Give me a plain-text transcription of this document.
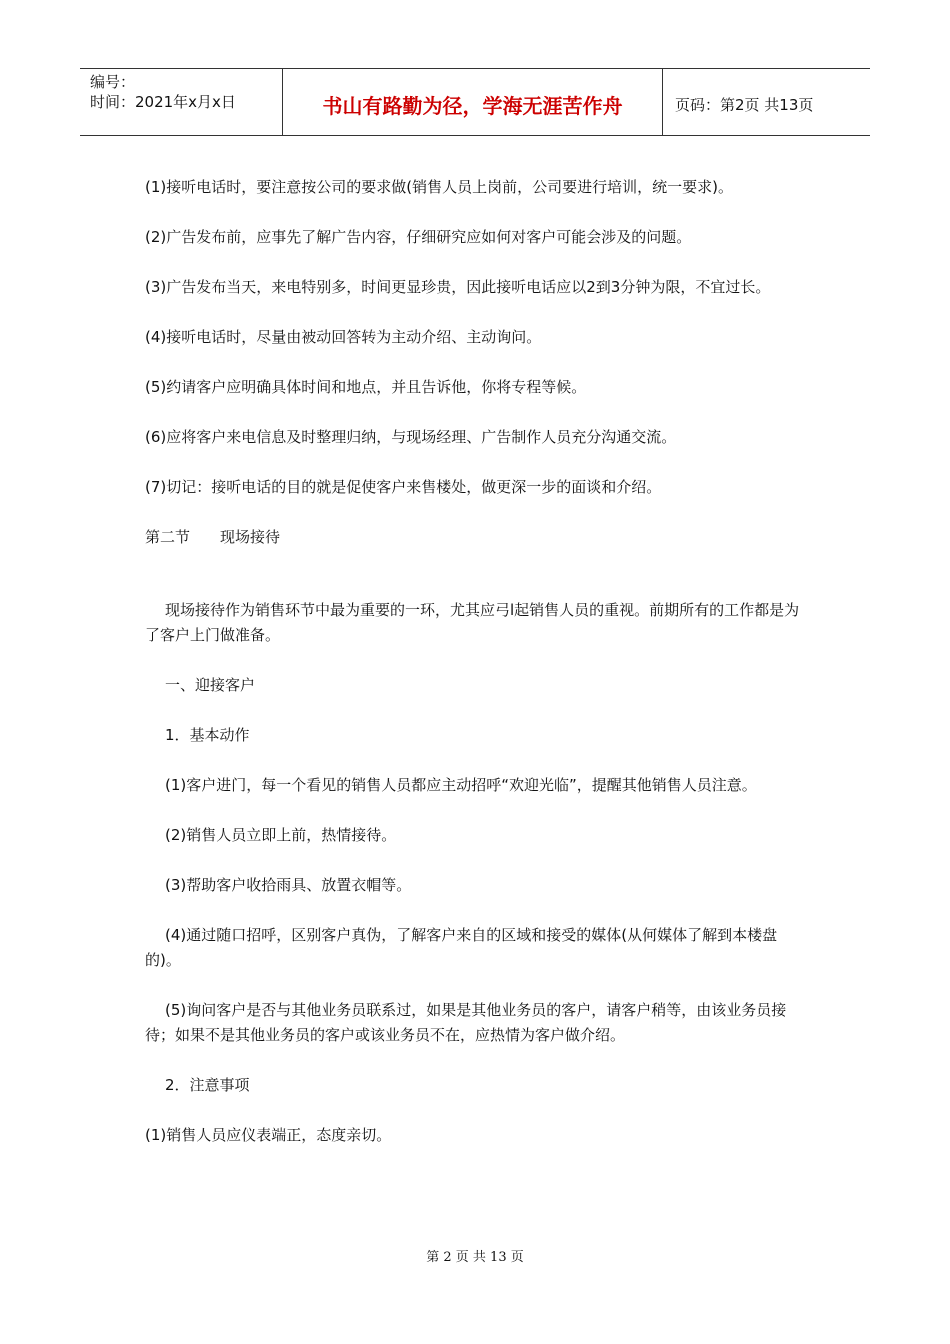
编号：
时间：2021年x月x日	书山有路勤为径，学海无涯苦作舟	页码：第2页 共13页

(1)接听电话时，要注意按公司的要求做(销售人员上岗前，公司要进行培训，统一要求)。

(2)广告发布前，应事先了解广告内容，仔细研究应如何对客户可能会涉及的问题。

(3)广告发布当天，来电特别多，时间更显珍贵，因此接听电话应以2到3分钟为限，不宜过长。

(4)接听电话时，尽量由被动回答转为主动介绍、主动询问。

(5)约请客户应明确具体时间和地点，并且告诉他，你将专程等候。

(6)应将客户来电信息及时整理归纳，与现场经理、广告制作人员充分沟通交流。

(7)切记：接听电话的目的就是促使客户来售楼处，做更深一步的面谈和介绍。

第二节　　现场接待

现场接待作为销售环节中最为重要的一环，尤其应弓l起销售人员的重视。前期所有的工作都是为了客户上门做准备。

一、迎接客户

1．基本动作

(1)客户进门，每一个看见的销售人员都应主动招呼“欢迎光临”，提醒其他销售人员注意。

(2)销售人员立即上前，热情接待。

(3)帮助客户收拾雨具、放置衣帽等。

(4)通过随口招呼，区别客户真伪，了解客户来自的区域和接受的媒体(从何媒体了解到本楼盘的)。

(5)询问客户是否与其他业务员联系过，如果是其他业务员的客户，请客户稍等，由该业务员接待；如果不是其他业务员的客户或该业务员不在，应热情为客户做介绍。

2．注意事项

(1)销售人员应仪表端正，态度亲切。

第 2 页 共 13 页
